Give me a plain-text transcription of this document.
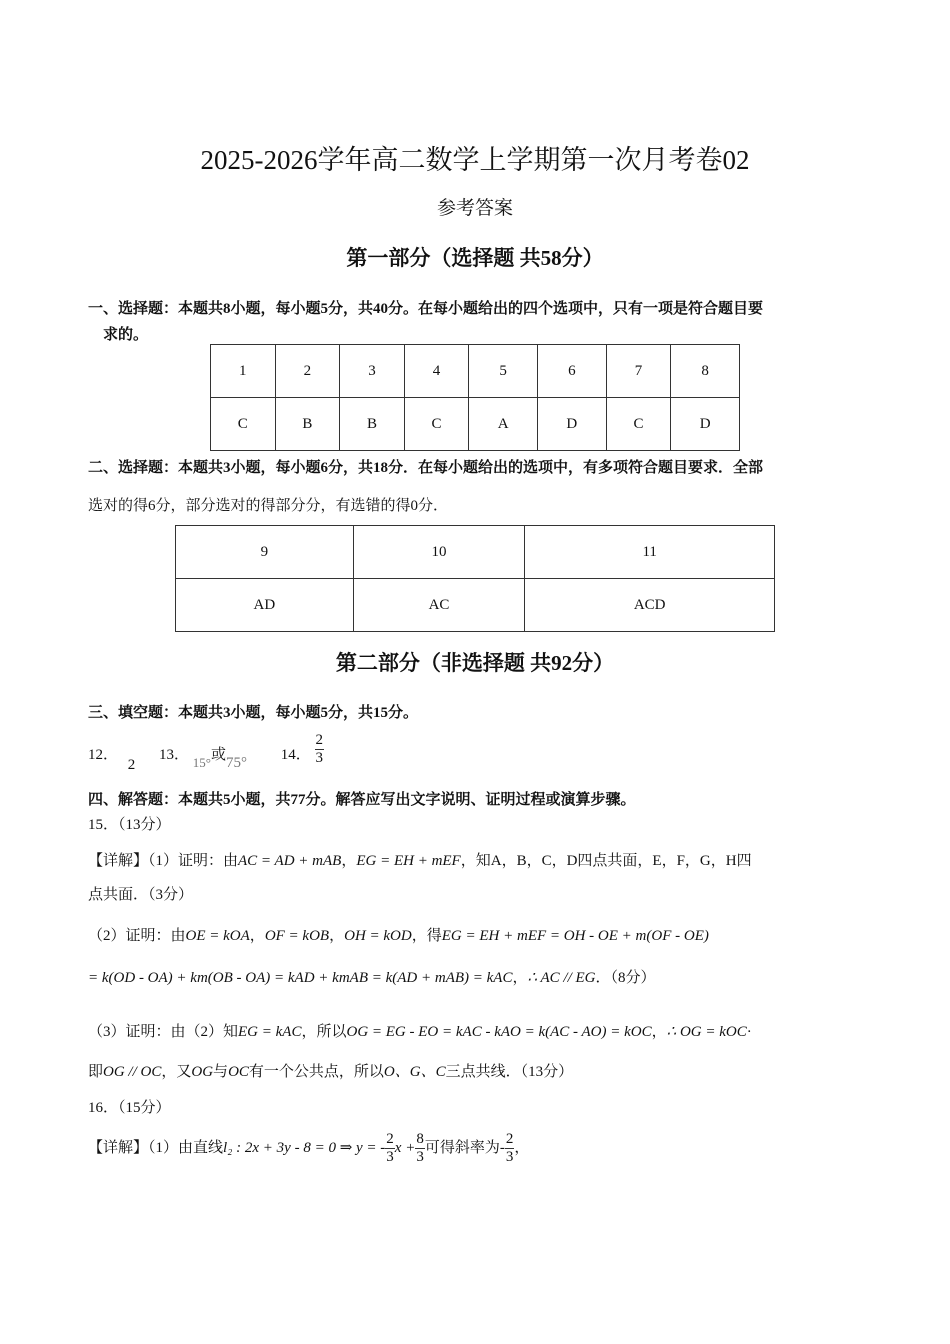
2025-2026学年高二数学上学期第一次月考卷02
参考答案
第一部分（选择题 共58分）
一、选择题：本题共8小题，每小题5分，共40分。在每小题给出的四个选项中，只有一项是符合题目要
求的。
1	2	3	4	5	6	7	8
C	B	B	C	A	D	C	D
二、选择题：本题共3小题，每小题6分，共18分．在每小题给出的选项中，有多项符合题目要求．全部
选对的得6分，部分选对的得部分分，有选错的得0分．
9	10	11
AD	AC	ACD
第二部分（非选择题 共92分）
三、填空题：本题共3小题，每小题5分，共15分。
12． 2 13． 15°或75° 14． $\frac{2}{3}$
四、解答题：本题共5小题，共77分。解答应写出文字说明、证明过程或演算步骤。
15．（13分）
【详解】（1）证明：由AC = AD + mAB，EG = EH + mEF，知A，B，C，D四点共面，E，F，G，H四
点共面．（3分）
（2）证明：由OE = kOA，OF = kOB，OH = kOD，得EG = EH + mEF = OH - OE + m(OF - OE)
= k(OD - OA) + km(OB - OA) = kAD + kmAB = k(AD + mAB) = kAC，∴ AC // EG．（8分）
（3）证明：由（2）知EG = kAC，所以OG = EG - EO = kAC - kAO = k(AC - AO) = kOC，∴ OG = kOC·
即OG // OC，又OG与OC有一个公共点，所以O、G、C三点共线．（13分）
16．（15分）
【详解】（1）由直线l₂ : 2x + 3y - 8 = 0 ⇒ y = - $\frac{2}{3}$ $x + \frac{8}{3}$ 可得斜率为- $\frac{2}{3}$ ，
